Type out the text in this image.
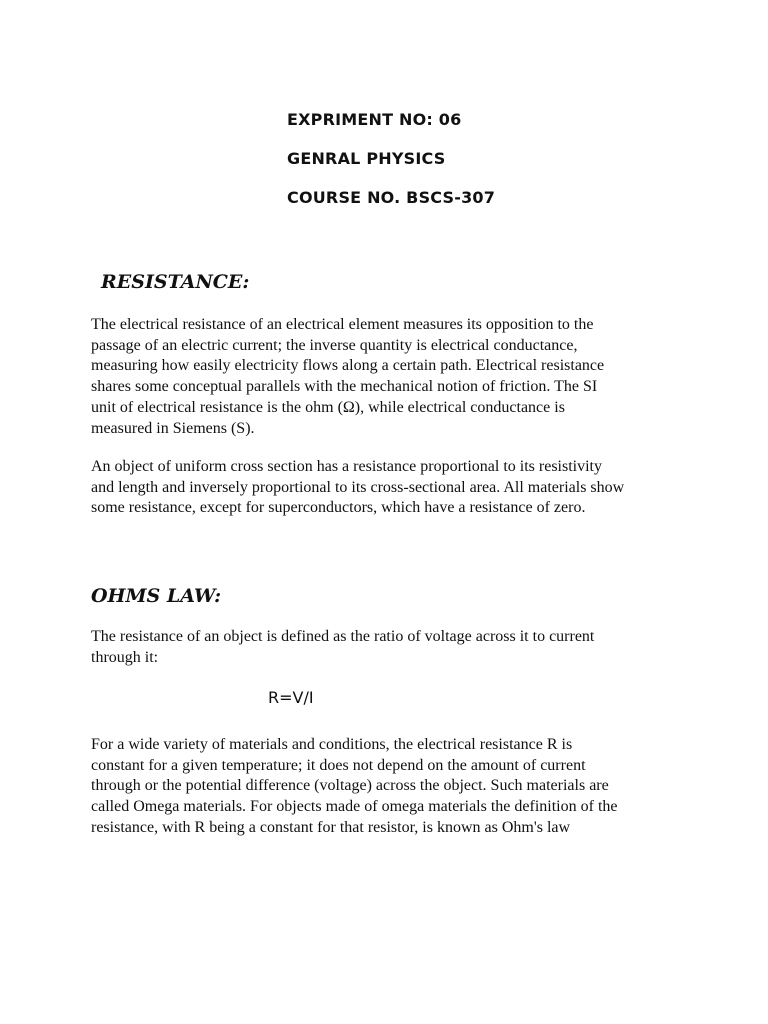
EXPRIMENT NO: 06
GENRAL PHYSICS
COURSE NO. BSCS-307
RESISTANCE:
The electrical resistance of an electrical element measures its opposition to the
passage of an electric current; the inverse quantity is electrical conductance,
measuring how easily electricity flows along a certain path. Electrical resistance
shares some conceptual parallels with the mechanical notion of friction. The SI
unit of electrical resistance is the ohm (Ω), while electrical conductance is
measured in Siemens (S).
An object of uniform cross section has a resistance proportional to its resistivity
and length and inversely proportional to its cross-sectional area. All materials show
some resistance, except for superconductors, which have a resistance of zero.
OHMS LAW:
The resistance of an object is defined as the ratio of voltage across it to current
through it:
R=V/I
For a wide variety of materials and conditions, the electrical resistance R is
constant for a given temperature; it does not depend on the amount of current
through or the potential difference (voltage) across the object. Such materials are
called Omega materials. For objects made of omega materials the definition of the
resistance, with R being a constant for that resistor, is known as Ohm's law
